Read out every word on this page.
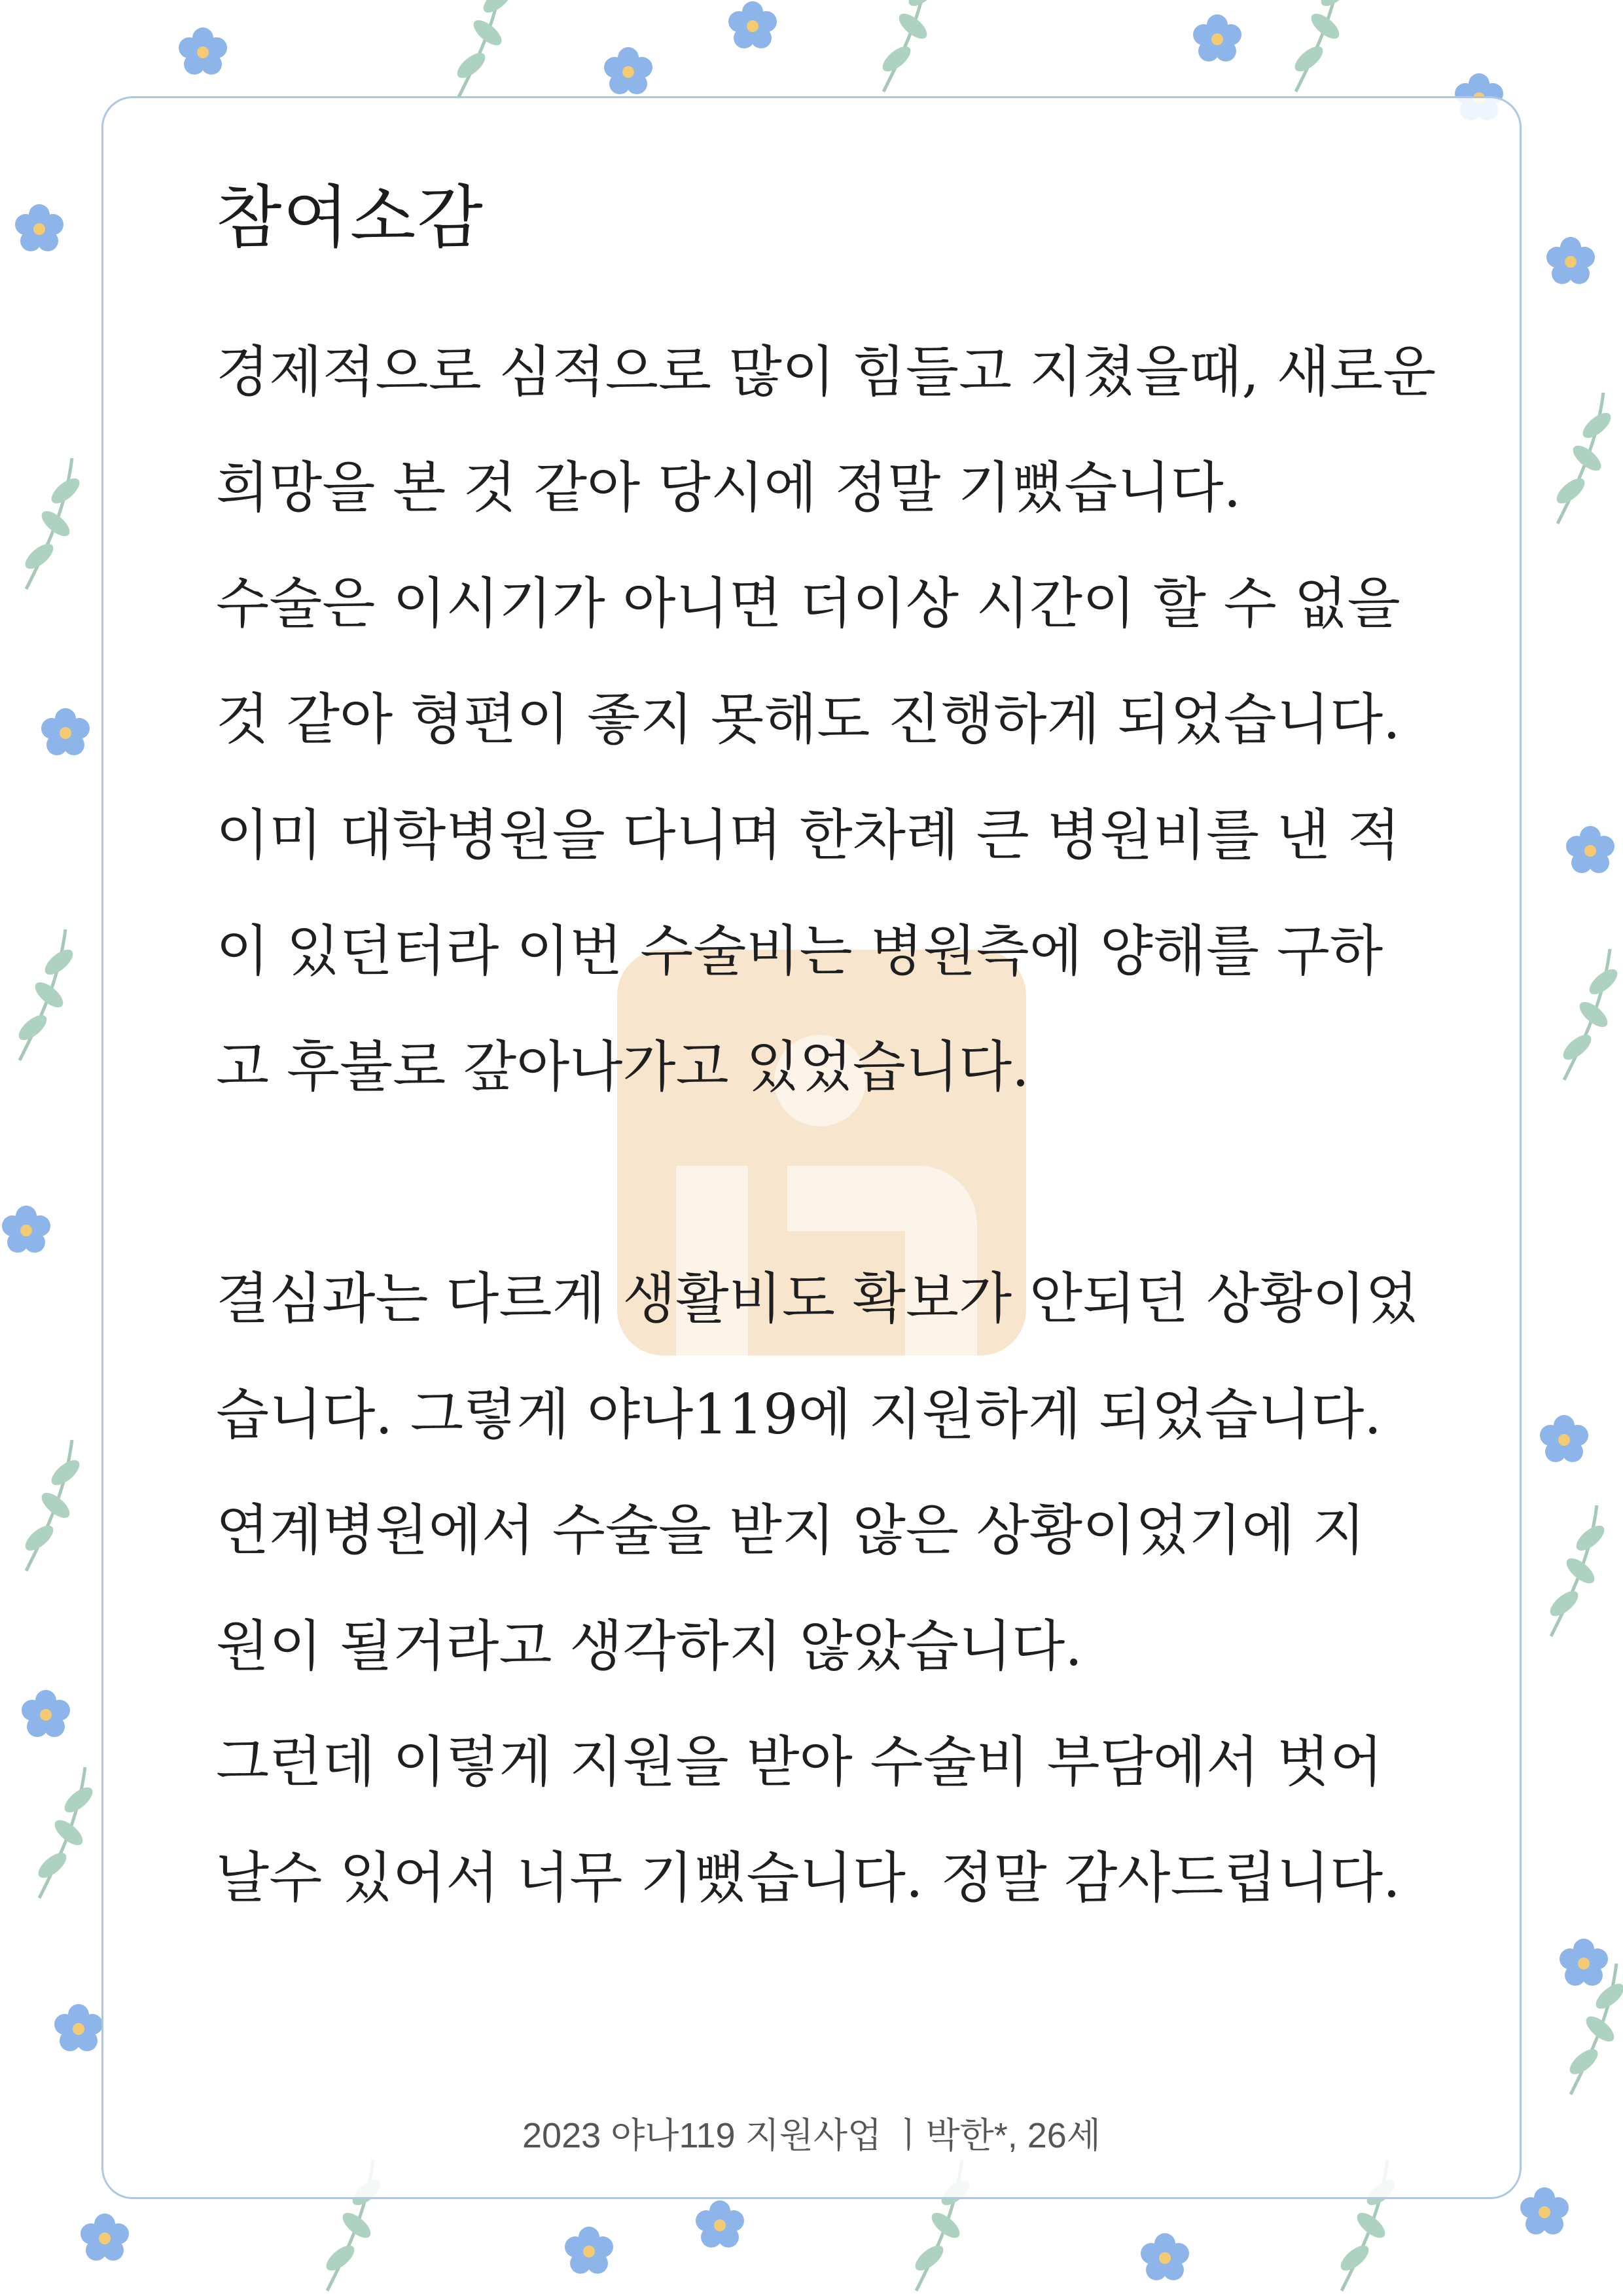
참여소감
경제적으로 심적으로 많이 힘들고 지쳤을때, 새로운
희망을 본 것 같아 당시에 정말 기뻤습니다.
수술은 이시기가 아니면 더이상 시간이 할 수 없을
것 같아 형편이 좋지 못해도 진행하게 되었습니다.
이미 대학병원을 다니며 한차례 큰 병원비를 낸 적
이 있던터라 이번 수술비는 병원측에 양해를 구하
고 후불로 갚아나가고 있었습니다.
결심과는 다르게 생활비도 확보가 안되던 상황이었
습니다. 그렇게 야나119에 지원하게 되었습니다.
연계병원에서 수술을 받지 않은 상황이었기에 지
원이 될거라고 생각하지 않았습니다.
그런데 이렇게 지원을 받아 수술비 부담에서 벗어
날수 있어서 너무 기뻤습니다. 정말 감사드립니다.

2023 야나119 지원사업 ㅣ박한*, 26세
